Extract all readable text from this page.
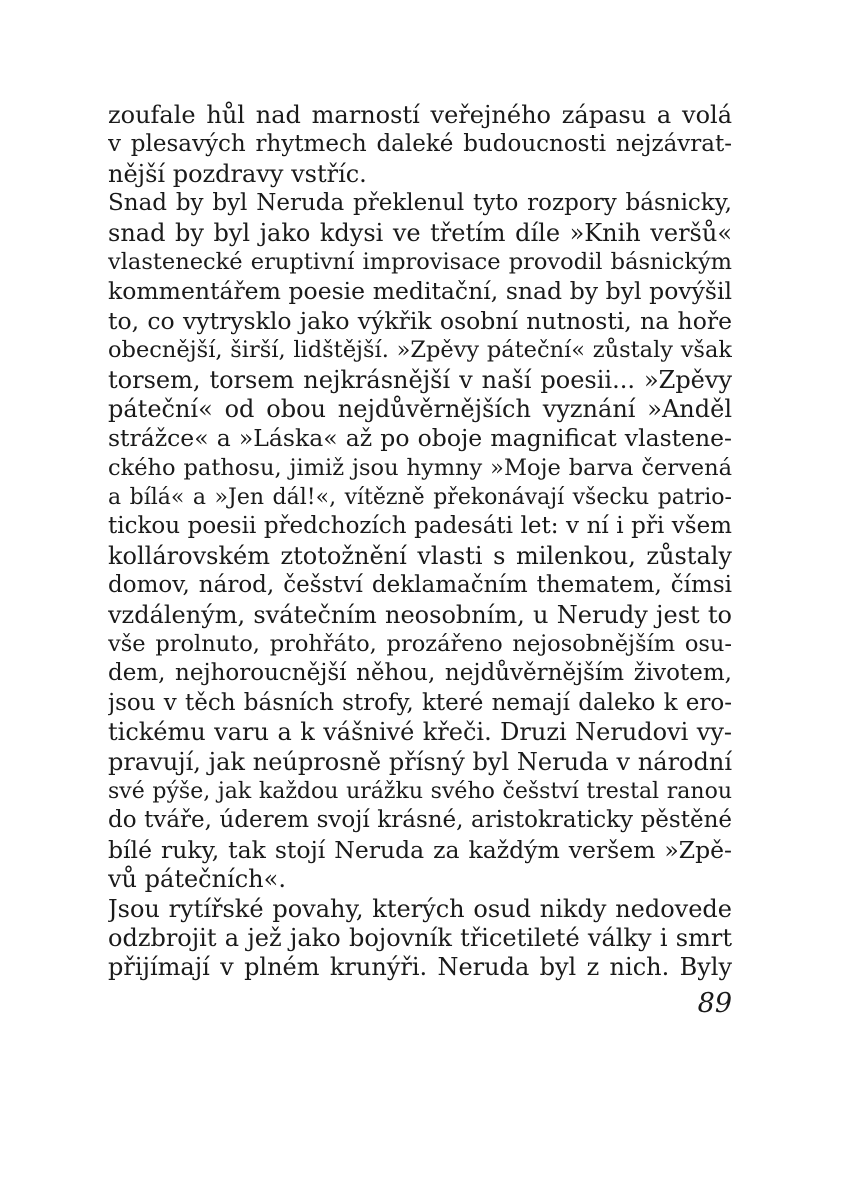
zoufale hůl nad marností veřejného zápasu a volá
v plesavých rhytmech daleké budoucnosti nejzávrat-
nější pozdravy vstříc.
Snad by byl Neruda překlenul tyto rozpory básnicky,
snad by byl jako kdysi ve třetím díle »Knih veršů«
vlastenecké eruptivní improvisace provodil básnickým
kommentářem poesie meditační, snad by byl povýšil
to, co vytrysklo jako výkřik osobní nutnosti, na hoře
obecnější, širší, lidštější. »Zpěvy páteční« zůstaly však
torsem, torsem nejkrásnější v naší poesii... »Zpěvy
páteční« od obou nejdůvěrnějších vyznání »Anděl
strážce« a »Láska« až po oboje magnificat vlastene-
ckého pathosu, jimiž jsou hymny »Moje barva červená
a bílá« a »Jen dál!«, vítězně překonávají všecku patrio-
tickou poesii předchozích padesáti let: v ní i při všem
kollárovském ztotožnění vlasti s milenkou, zůstaly
domov, národ, češství deklamačním thematem, čímsi
vzdáleným, svátečním neosobním, u Nerudy jest to
vše prolnuto, prohřáto, prozářeno nejosobnějším osu-
dem, nejhoroucnější něhou, nejdůvěrnějším životem,
jsou v těch básních strofy, které nemají daleko k ero-
tickému varu a k vášnivé křeči. Druzi Nerudovi vy-
pravují, jak neúprosně přísný byl Neruda v národní
své pýše, jak každou urážku svého češství trestal ranou
do tváře, úderem svojí krásné, aristokraticky pěstěné
bílé ruky, tak stojí Neruda za každým veršem »Zpě-
vů pátečních«.
Jsou rytířské povahy, kterých osud nikdy nedovede
odzbrojit a jež jako bojovník třicetileté války i smrt
přijímají v plném krunýři. Neruda byl z nich. Byly
89
